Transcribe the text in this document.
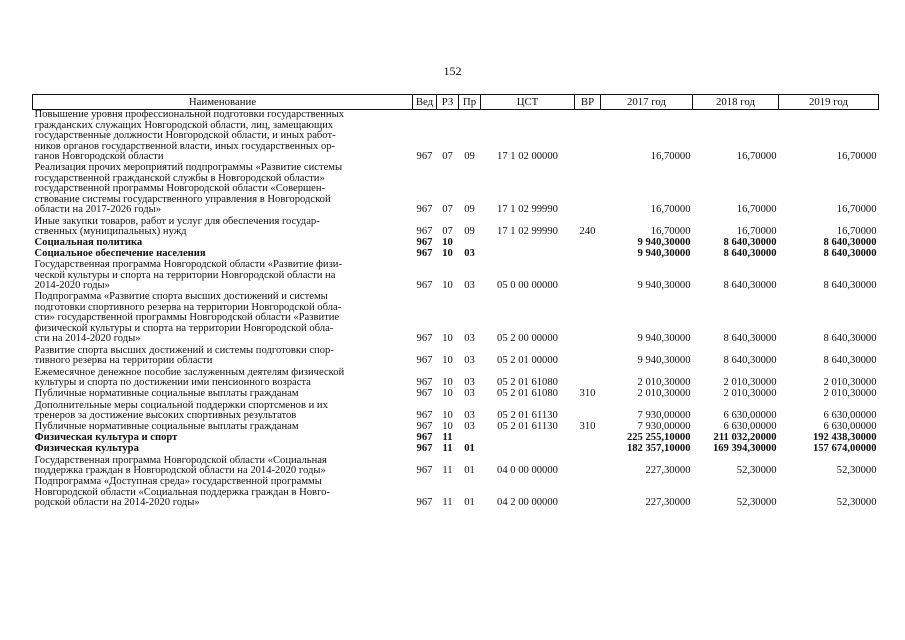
152
Наименование	Вед	РЗ	Пр	ЦСТ	ВР	2017 год	2018 год	2019 год

Повышение уровня профессиональной подготовки государственных
гражданских служащих Новгородской области, лиц, замещающих
государственные должности Новгородской области, и иных работ-
ников органов государственной власти, иных государственных ор-
ганов Новгородской области	967	07	09	17 1 02 00000		16,70000	16,70000	16,70000

Реализация прочих мероприятий подпрограммы «Развитие системы
государственной гражданской службы в Новгородской области»
государственной программы Новгородской области «Совершен-
ствование системы государственного управления в Новгородской
области на 2017-2026 годы»	967	07	09	17 1 02 99990		16,70000	16,70000	16,70000

Иные закупки товаров, работ и услуг для обеспечения государ-
ственных (муниципальных) нужд	967	07	09	17 1 02 99990	240	16,70000	16,70000	16,70000

Социальная политика	967	10				9 940,30000	8 640,30000	8 640,30000

Социальное обеспечение населения	967	10	03			9 940,30000	8 640,30000	8 640,30000

Государственная программа Новгородской области «Развитие физи-
ческой культуры и спорта на территории Новгородской области на
2014-2020 годы»	967	10	03	05 0 00 00000		9 940,30000	8 640,30000	8 640,30000

Подпрограмма «Развитие спорта высших достижений и системы
подготовки спортивного резерва на территории Новгородской обла-
сти» государственной программы Новгородской области «Развитие
физической культуры и спорта на территории Новгородской обла-
сти на 2014-2020 годы»	967	10	03	05 2 00 00000		9 940,30000	8 640,30000	8 640,30000

Развитие спорта высших достижений и системы подготовки спор-
тивного резерва на территории области	967	10	03	05 2 01 00000		9 940,30000	8 640,30000	8 640,30000

Ежемесячное денежное пособие заслуженным деятелям физической
культуры и спорта по достижении ими пенсионного возраста	967	10	03	05 2 01 61080		2 010,30000	2 010,30000	2 010,30000

Публичные нормативные социальные выплаты гражданам	967	10	03	05 2 01 61080	310	2 010,30000	2 010,30000	2 010,30000

Дополнительные меры социальной поддержки спортсменов и их
тренеров за достижение высоких спортивных результатов	967	10	03	05 2 01 61130		7 930,00000	6 630,00000	6 630,00000

Публичные нормативные социальные выплаты гражданам	967	10	03	05 2 01 61130	310	7 930,00000	6 630,00000	6 630,00000

Физическая культура и спорт	967	11				225 255,10000	211 032,20000	192 438,30000

Физическая культура	967	11	01			182 357,10000	169 394,30000	157 674,00000

Государственная программа Новгородской области «Социальная
поддержка граждан в Новгородской области на 2014-2020 годы»	967	11	01	04 0 00 00000		227,30000	52,30000	52,30000

Подпрограмма «Доступная среда» государственной программы
Новгородской области «Социальная поддержка граждан в Новго-
родской области на 2014-2020 годы»	967	11	01	04 2 00 00000		227,30000	52,30000	52,30000
